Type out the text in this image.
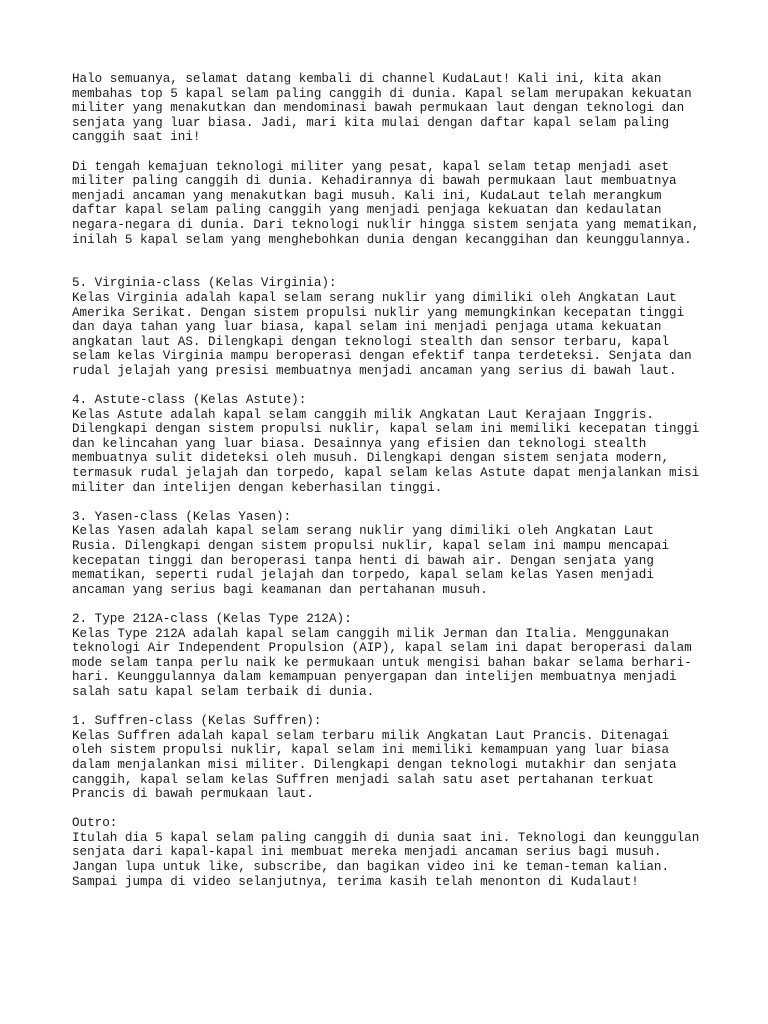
Halo semuanya, selamat datang kembali di channel KudaLaut! Kali ini, kita akan
membahas top 5 kapal selam paling canggih di dunia. Kapal selam merupakan kekuatan
militer yang menakutkan dan mendominasi bawah permukaan laut dengan teknologi dan
senjata yang luar biasa. Jadi, mari kita mulai dengan daftar kapal selam paling
canggih saat ini!
Di tengah kemajuan teknologi militer yang pesat, kapal selam tetap menjadi aset
militer paling canggih di dunia. Kehadirannya di bawah permukaan laut membuatnya
menjadi ancaman yang menakutkan bagi musuh. Kali ini, KudaLaut telah merangkum
daftar kapal selam paling canggih yang menjadi penjaga kekuatan dan kedaulatan
negara-negara di dunia. Dari teknologi nuklir hingga sistem senjata yang mematikan,
inilah 5 kapal selam yang menghebohkan dunia dengan kecanggihan dan keunggulannya.
5. Virginia-class (Kelas Virginia):
Kelas Virginia adalah kapal selam serang nuklir yang dimiliki oleh Angkatan Laut
Amerika Serikat. Dengan sistem propulsi nuklir yang memungkinkan kecepatan tinggi
dan daya tahan yang luar biasa, kapal selam ini menjadi penjaga utama kekuatan
angkatan laut AS. Dilengkapi dengan teknologi stealth dan sensor terbaru, kapal
selam kelas Virginia mampu beroperasi dengan efektif tanpa terdeteksi. Senjata dan
rudal jelajah yang presisi membuatnya menjadi ancaman yang serius di bawah laut.
4. Astute-class (Kelas Astute):
Kelas Astute adalah kapal selam canggih milik Angkatan Laut Kerajaan Inggris.
Dilengkapi dengan sistem propulsi nuklir, kapal selam ini memiliki kecepatan tinggi
dan kelincahan yang luar biasa. Desainnya yang efisien dan teknologi stealth
membuatnya sulit dideteksi oleh musuh. Dilengkapi dengan sistem senjata modern,
termasuk rudal jelajah dan torpedo, kapal selam kelas Astute dapat menjalankan misi
militer dan intelijen dengan keberhasilan tinggi.
3. Yasen-class (Kelas Yasen):
Kelas Yasen adalah kapal selam serang nuklir yang dimiliki oleh Angkatan Laut
Rusia. Dilengkapi dengan sistem propulsi nuklir, kapal selam ini mampu mencapai
kecepatan tinggi dan beroperasi tanpa henti di bawah air. Dengan senjata yang
mematikan, seperti rudal jelajah dan torpedo, kapal selam kelas Yasen menjadi
ancaman yang serius bagi keamanan dan pertahanan musuh.
2. Type 212A-class (Kelas Type 212A):
Kelas Type 212A adalah kapal selam canggih milik Jerman dan Italia. Menggunakan
teknologi Air Independent Propulsion (AIP), kapal selam ini dapat beroperasi dalam
mode selam tanpa perlu naik ke permukaan untuk mengisi bahan bakar selama berhari-
hari. Keunggulannya dalam kemampuan penyergapan dan intelijen membuatnya menjadi
salah satu kapal selam terbaik di dunia.
1. Suffren-class (Kelas Suffren):
Kelas Suffren adalah kapal selam terbaru milik Angkatan Laut Prancis. Ditenagai
oleh sistem propulsi nuklir, kapal selam ini memiliki kemampuan yang luar biasa
dalam menjalankan misi militer. Dilengkapi dengan teknologi mutakhir dan senjata
canggih, kapal selam kelas Suffren menjadi salah satu aset pertahanan terkuat
Prancis di bawah permukaan laut.
Outro:
Itulah dia 5 kapal selam paling canggih di dunia saat ini. Teknologi dan keunggulan
senjata dari kapal-kapal ini membuat mereka menjadi ancaman serius bagi musuh.
Jangan lupa untuk like, subscribe, dan bagikan video ini ke teman-teman kalian.
Sampai jumpa di video selanjutnya, terima kasih telah menonton di Kudalaut!
